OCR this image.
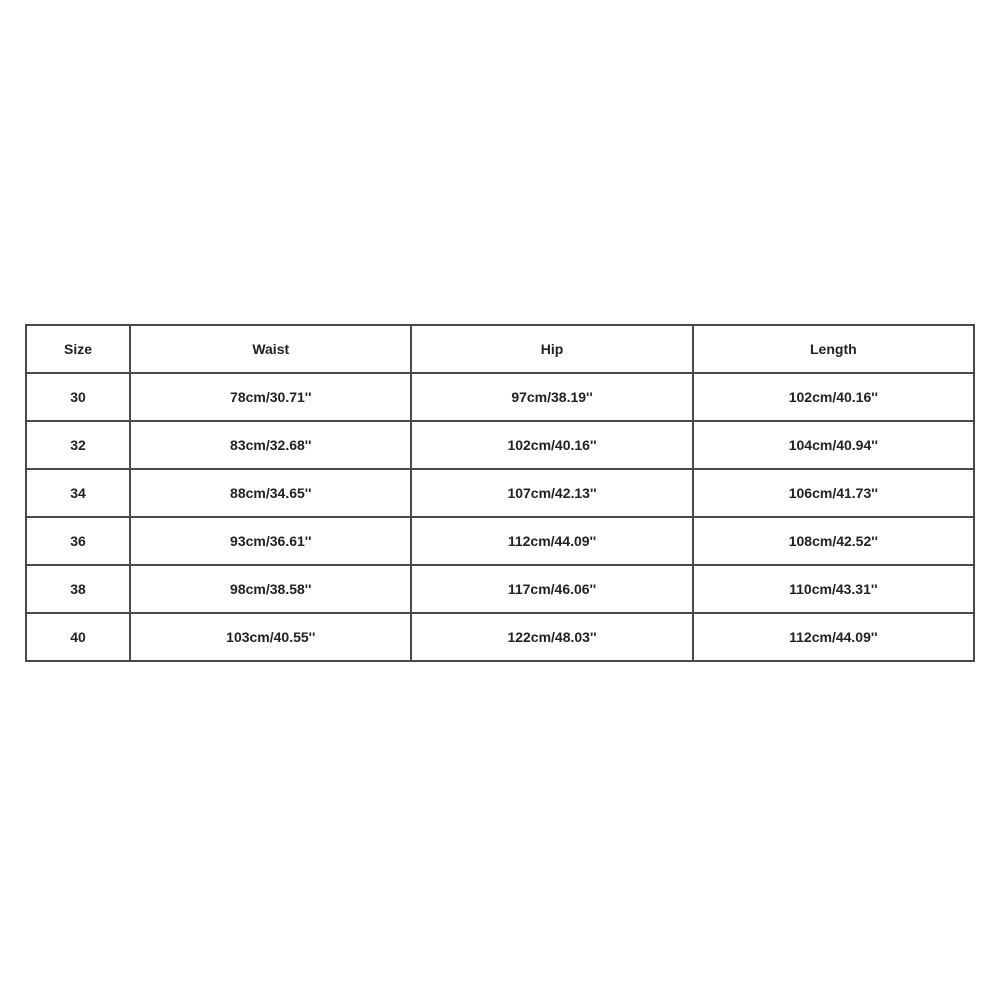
Size	Waist	Hip	Length
30	78cm/30.71''	97cm/38.19''	102cm/40.16''
32	83cm/32.68''	102cm/40.16''	104cm/40.94''
34	88cm/34.65''	107cm/42.13''	106cm/41.73''
36	93cm/36.61''	112cm/44.09''	108cm/42.52''
38	98cm/38.58''	117cm/46.06''	110cm/43.31''
40	103cm/40.55''	122cm/48.03''	112cm/44.09''
